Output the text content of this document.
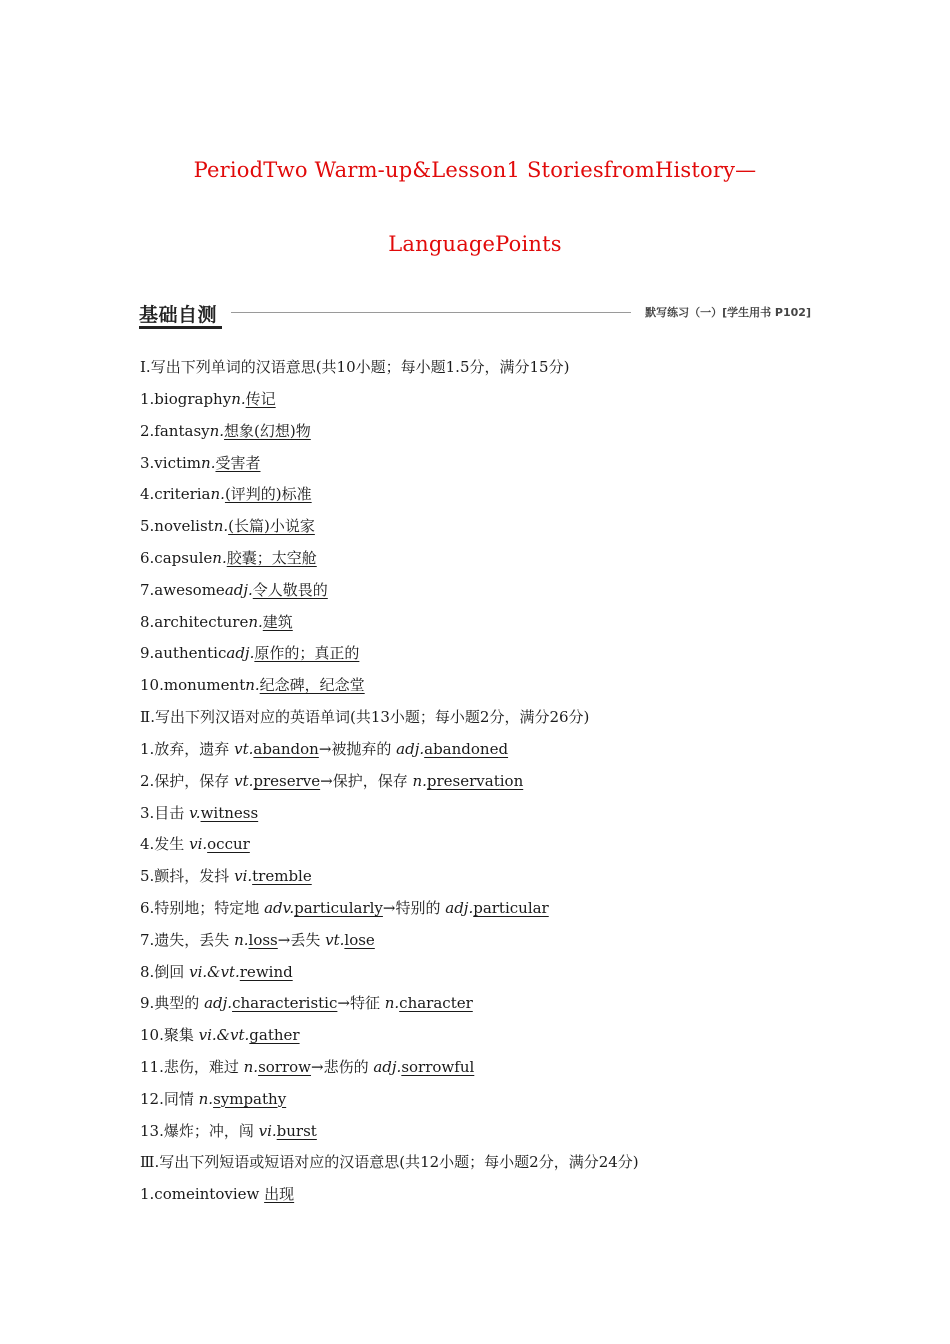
PeriodTwo Warm-up&Lesson1 StoriesfromHistory—
LanguagePoints
基础自测	默写练习（一）[学生用书 P102]
Ⅰ.写出下列单词的汉语意思(共10小题；每小题1.5分，满分15分)
1.biographyn.传记
2.fantasyn.想象(幻想)物
3.victimn.受害者
4.criterian.(评判的)标准
5.novelistn.(长篇)小说家
6.capsulen.胶囊；太空舱
7.awesomeadj.令人敬畏的
8.architecturen.建筑
9.authenticadj.原作的；真正的
10.monumentn.纪念碑，纪念堂
Ⅱ.写出下列汉语对应的英语单词(共13小题；每小题2分，满分26分)
1.放弃，遗弃 vt.abandon→被抛弃的 adj.abandoned
2.保护，保存 vt.preserve→保护，保存 n.preservation
3.目击 v.witness
4.发生 vi.occur
5.颤抖，发抖 vi.tremble
6.特别地；特定地 adv.particularly→特别的 adj.particular
7.遗失，丢失 n.loss→丢失 vt.lose
8.倒回 vi.&vt.rewind
9.典型的 adj.characteristic→特征 n.character
10.聚集 vi.&vt.gather
11.悲伤，难过 n.sorrow→悲伤的 adj.sorrowful
12.同情 n.sympathy
13.爆炸；冲，闯 vi.burst
Ⅲ.写出下列短语或短语对应的汉语意思(共12小题；每小题2分，满分24分)
1.comeintoview 出现
